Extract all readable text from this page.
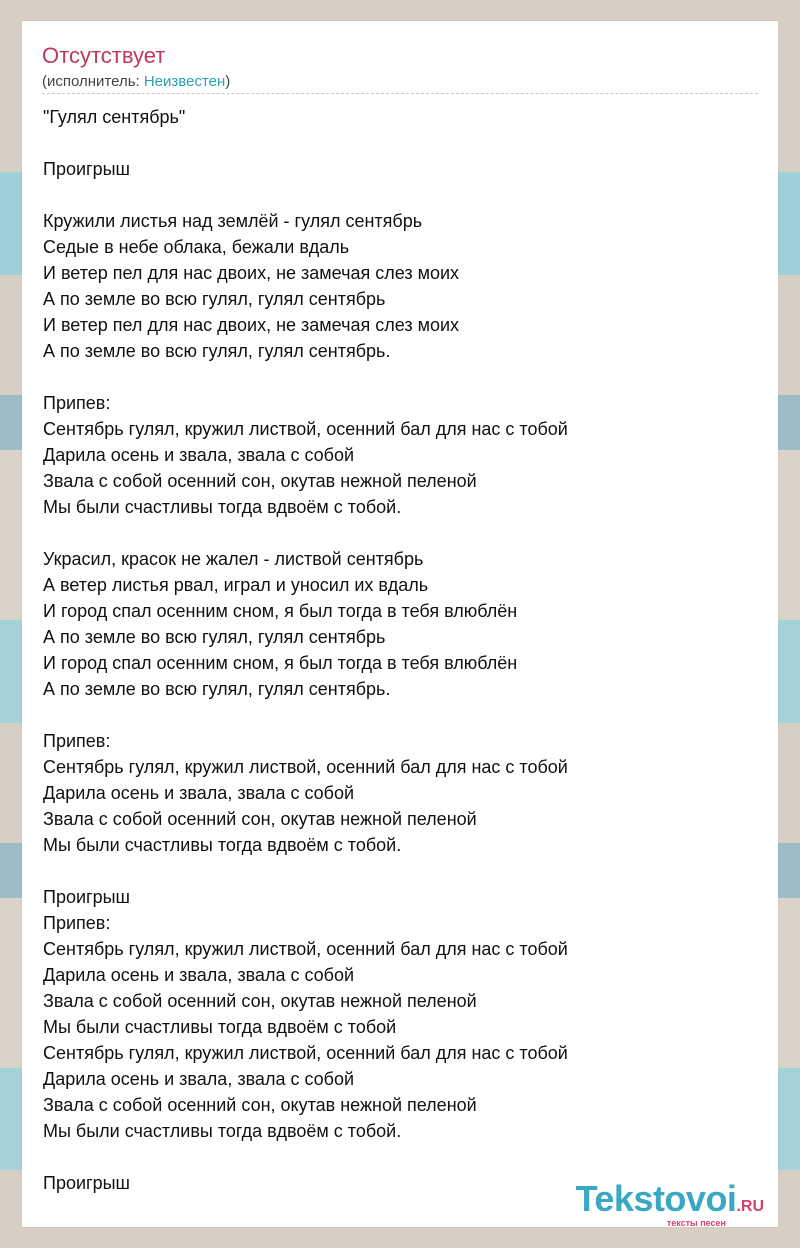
Отсутствует
(исполнитель: Неизвестен)
"Гулял сентябрь"

Проигрыш

Кружили листья над землёй - гулял сентябрь
Седые в небе облака, бежали вдаль
И ветер пел для нас двоих, не замечая слез моих
А по земле во всю гулял, гулял сентябрь
И ветер пел для нас двоих, не замечая слез моих
А по земле во всю гулял, гулял сентябрь.

Припев:
Сентябрь гулял, кружил листвой, осенний бал для нас с тобой
Дарила осень и звала, звала с собой
Звала с собой осенний сон, окутав нежной пеленой
Мы были счастливы тогда вдвоём с тобой.

Украсил, красок не жалел - листвой сентябрь
А ветер листья рвал, играл и уносил их вдаль
И город спал осенним сном, я был тогда в тебя влюблён
А по земле во всю гулял, гулял сентябрь
И город спал осенним сном, я был тогда в тебя влюблён
А по земле во всю гулял, гулял сентябрь.

Припев:
Сентябрь гулял, кружил листвой, осенний бал для нас с тобой
Дарила осень и звала, звала с собой
Звала с собой осенний сон, окутав нежной пеленой
Мы были счастливы тогда вдвоём с тобой.

Проигрыш
Припев:
Сентябрь гулял, кружил листвой, осенний бал для нас с тобой
Дарила осень и звала, звала с собой
Звала с собой осенний сон, окутав нежной пеленой
Мы были счастливы тогда вдвоём с тобой
Сентябрь гулял, кружил листвой, осенний бал для нас с тобой
Дарила осень и звала, звала с собой
Звала с собой осенний сон, окутав нежной пеленой
Мы были счастливы тогда вдвоём с тобой.

Проигрыш	Tekstovoi.RU
тексты песен
